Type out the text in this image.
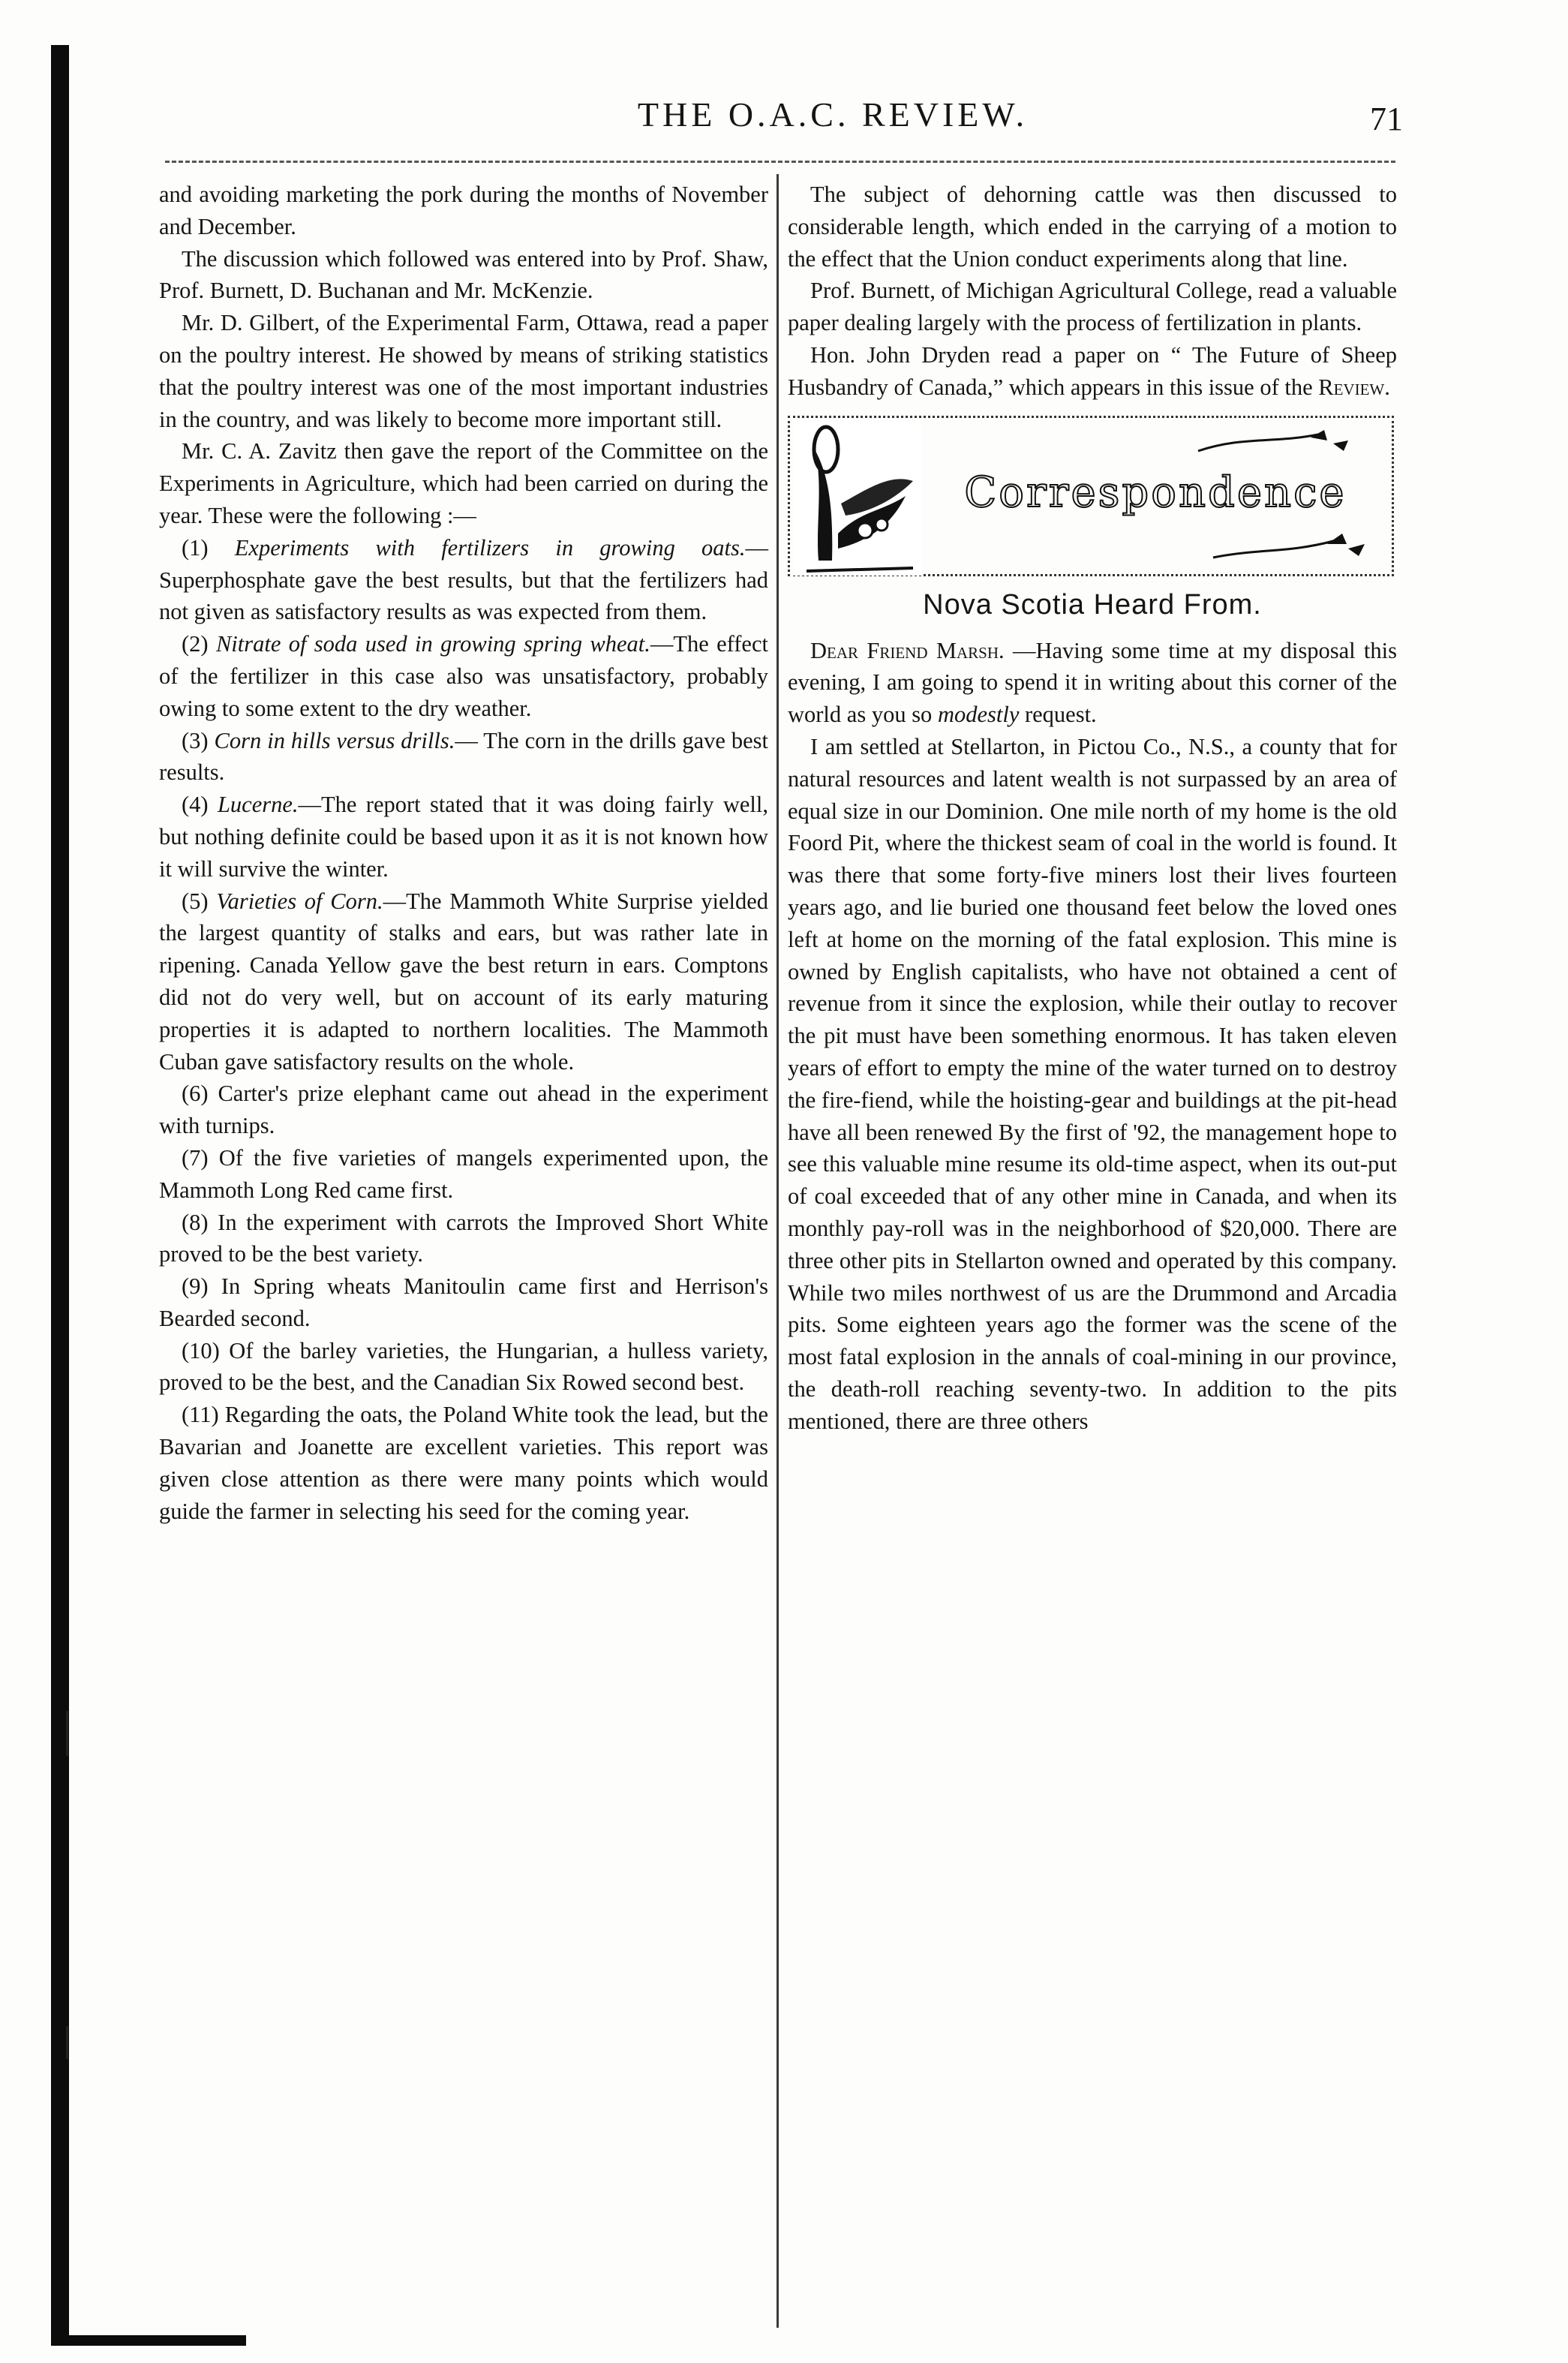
THE O.A.C. REVIEW.	71

and avoiding marketing the pork during the months of November and December.

The discussion which followed was entered into by Prof. Shaw, Prof. Burnett, D. Buchanan and Mr. McKenzie.

Mr. D. Gilbert, of the Experimental Farm, Ottawa, read a paper on the poultry interest. He showed by means of striking statistics that the poultry interest was one of the most important industries in the country, and was likely to become more important still.

Mr. C. A. Zavitz then gave the report of the Committee on the Experiments in Agriculture, which had been carried on during the year. These were the following :—

(1) Experiments with fertilizers in growing oats.—Superphosphate gave the best results, but that the fertilizers had not given as satisfactory results as was expected from them.

(2) Nitrate of soda used in growing spring wheat.—The effect of the fertilizer in this case also was unsatisfactory, probably owing to some extent to the dry weather.

(3) Corn in hills versus drills.— The corn in the drills gave best results.

(4) Lucerne.—The report stated that it was doing fairly well, but nothing definite could be based upon it as it is not known how it will survive the winter.

(5) Varieties of Corn.—The Mammoth White Surprise yielded the largest quantity of stalks and ears, but was rather late in ripening. Canada Yellow gave the best return in ears. Comptons did not do very well, but on account of its early maturing properties it is adapted to northern localities. The Mammoth Cuban gave satisfactory results on the whole.

(6) Carter's prize elephant came out ahead in the experiment with turnips.

(7) Of the five varieties of mangels experimented upon, the Mammoth Long Red came first.

(8) In the experiment with carrots the Improved Short White proved to be the best variety.

(9) In Spring wheats Manitoulin came first and Herrison's Bearded second.

(10) Of the barley varieties, the Hungarian, a hulless variety, proved to be the best, and the Canadian Six Rowed second best.

(11) Regarding the oats, the Poland White took the lead, but the Bavarian and Joanette are excellent varieties. This report was given close attention as there were many points which would guide the farmer in selecting his seed for the coming year.

The subject of dehorning cattle was then discussed to considerable length, which ended in the carrying of a motion to the effect that the Union conduct experiments along that line.

Prof. Burnett, of Michigan Agricultural College, read a valuable paper dealing largely with the process of fertilization in plants.

Hon. John Dryden read a paper on “ The Future of Sheep Husbandry of Canada,” which appears in this issue of the Review.

Correspondence
Nova Scotia Heard From.

Dear Friend Marsh. —Having some time at my disposal this evening, I am going to spend it in writing about this corner of the world as you so modestly request.

I am settled at Stellarton, in Pictou Co., N.S., a county that for natural resources and latent wealth is not surpassed by an area of equal size in our Dominion. One mile north of my home is the old Foord Pit, where the thickest seam of coal in the world is found. It was there that some forty-five miners lost their lives fourteen years ago, and lie buried one thousand feet below the loved ones left at home on the morning of the fatal explosion. This mine is owned by English capitalists, who have not obtained a cent of revenue from it since the explosion, while their outlay to recover the pit must have been something enormous. It has taken eleven years of effort to empty the mine of the water turned on to destroy the fire-fiend, while the hoisting-gear and buildings at the pit-head have all been renewed By the first of '92, the management hope to see this valuable mine resume its old-time aspect, when its out-put of coal exceeded that of any other mine in Canada, and when its monthly pay-roll was in the neighborhood of $20,000. There are three other pits in Stellarton owned and operated by this company. While two miles northwest of us are the Drummond and Arcadia pits. Some eighteen years ago the former was the scene of the most fatal explosion in the annals of coal-mining in our province, the death-roll reaching seventy-two. In addition to the pits mentioned, there are three others
